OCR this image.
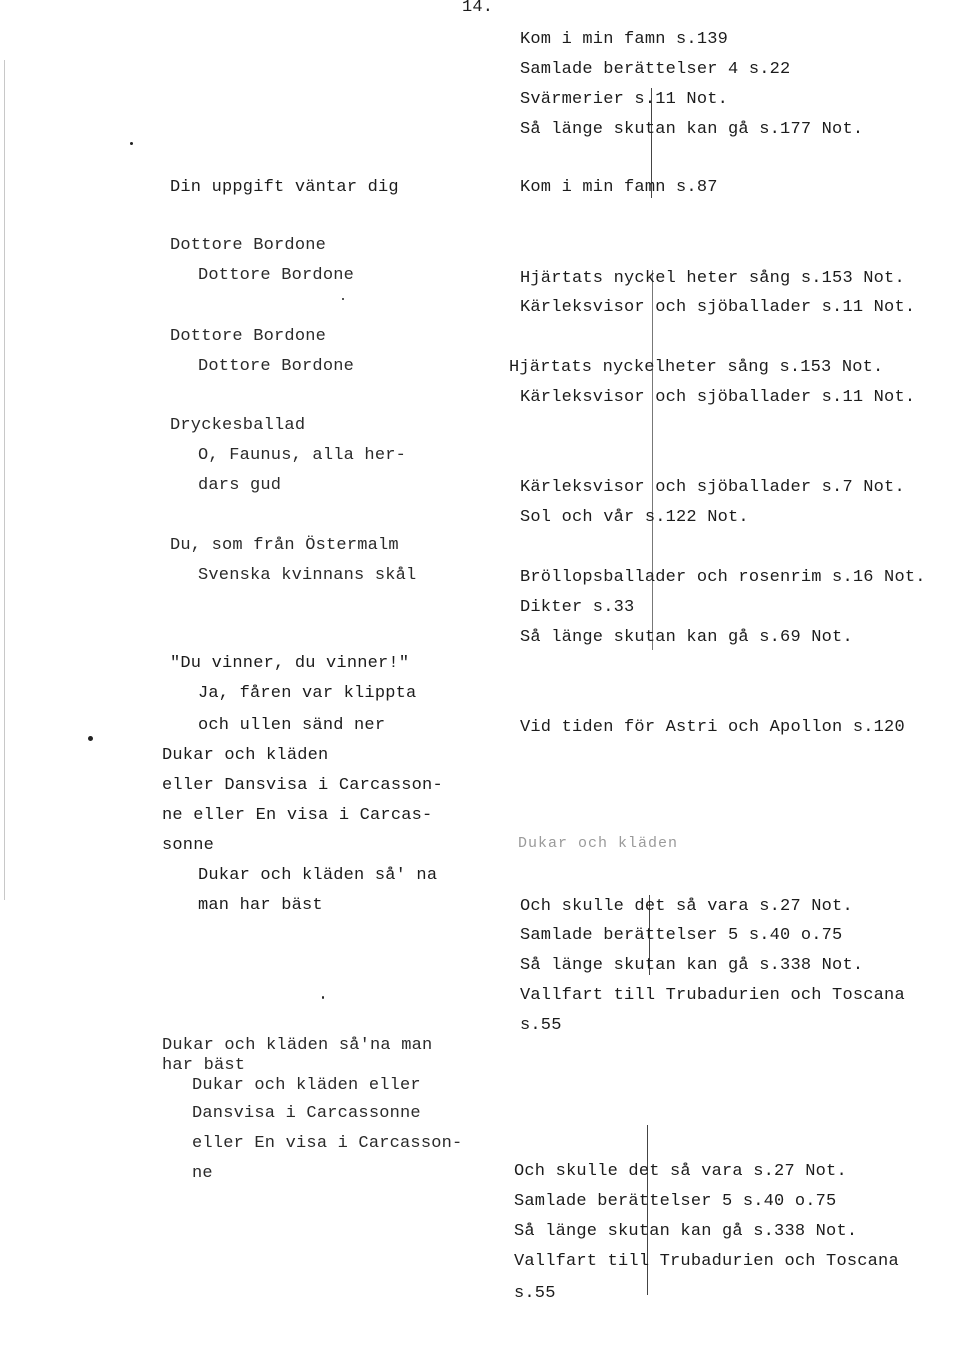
14.
Kom i min famn s.139
Samlade berättelser 4 s.22
Svärmerier s.11 Not.
Så länge skutan kan gå s.177 Not.
Kom i min famn s.87
Hjärtats nyckel heter sång s.153 Not.
Kärleksvisor och sjöballader s.11 Not.
Hjärtats nyckelheter sång s.153 Not.
Kärleksvisor och sjöballader s.11 Not.
Kärleksvisor och sjöballader s.7 Not.
Sol och vår s.122 Not.
Bröllopsballader och rosenrim s.16 Not.
Dikter s.33
Så länge skutan kan gå s.69 Not.
Vid tiden för Astri och Apollon s.120
Dukar och kläden
Och skulle det så vara s.27 Not.
Samlade berättelser 5 s.40 o.75
Så länge skutan kan gå s.338 Not.
Vallfart till Trubadurien och Toscana
s.55
Och skulle det så vara s.27 Not.
Samlade berättelser 5 s.40 o.75
Så länge skutan kan gå s.338 Not.
Vallfart till Trubadurien och Toscana
s.55
Din uppgift väntar dig
Dottore Bordone
Dottore Bordone
Dottore Bordone
Dottore Bordone
Dryckesballad
O, Faunus, alla her-
dars gud
Du, som från Östermalm
Svenska kvinnans skål
"Du vinner, du vinner!"
Ja, fåren var klippta
och ullen sänd ner
Dukar och kläden
eller Dansvisa i Carcasson-
ne eller En visa i Carcas-
sonne
Dukar och kläden så' na
man har bäst
Dukar och kläden så'na man
har bäst
Dukar och kläden eller
Dansvisa i Carcassonne
eller En visa i Carcasson-
ne
